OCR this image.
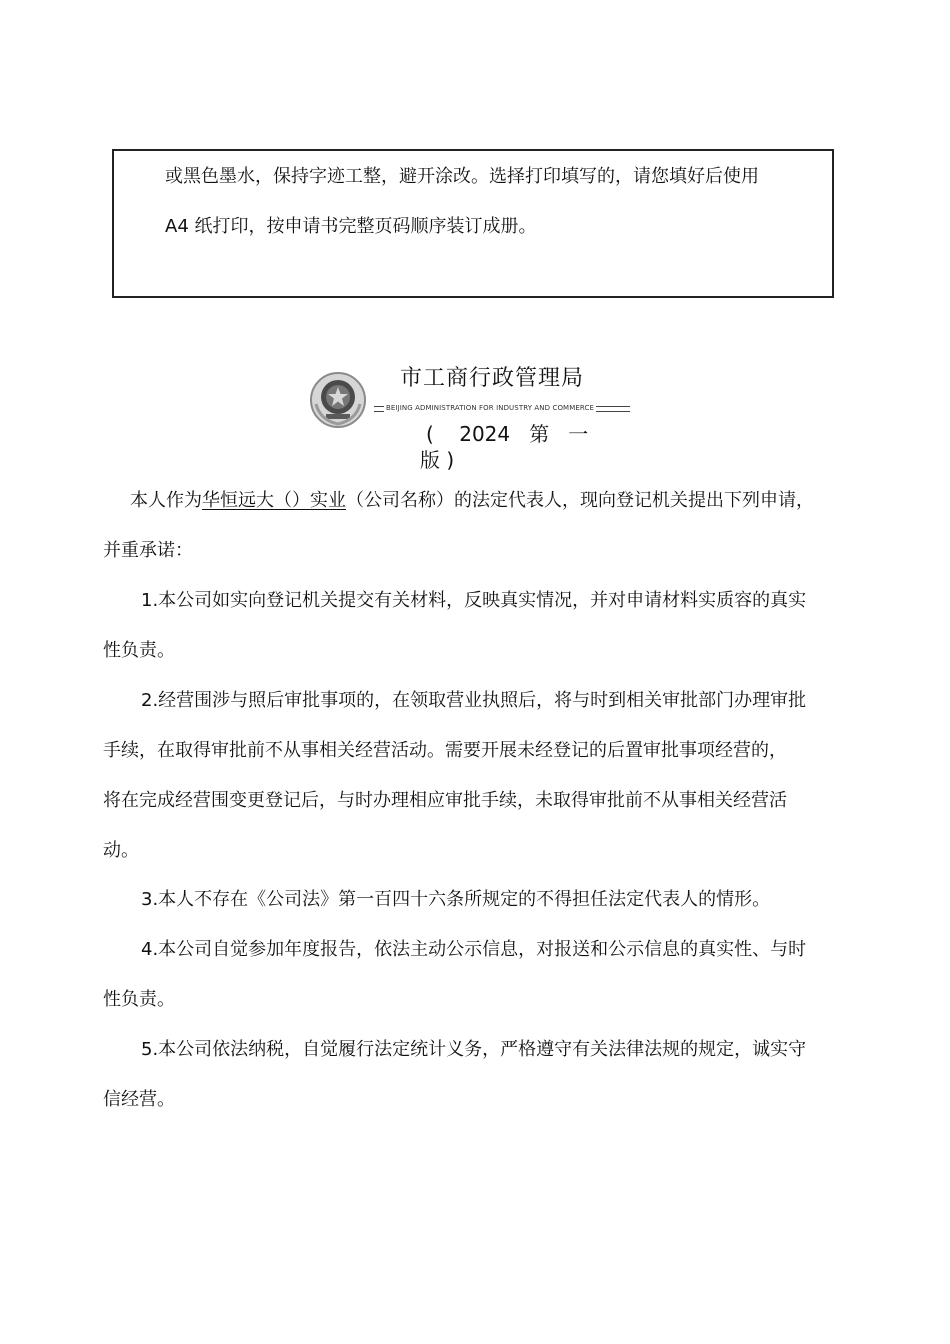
或黑色墨水，保持字迹工整，避开涂改。选择打印填写的，请您填好后使用
A4 纸打印，按申请书完整页码顺序装订成册。
市工商行政管理局
BEIJING ADMINISTRATION FOR INDUSTRY AND COMMERCE
(    2024   第   一
版 )
本人作为华恒远大（）实业（公司名称）的法定代表人，现向登记机关提出下列申请，
并重承诺：
1.本公司如实向登记机关提交有关材料，反映真实情况，并对申请材料实质容的真实
性负责。
2.经营围涉与照后审批事项的，在领取营业执照后，将与时到相关审批部门办理审批
手续，在取得审批前不从事相关经营活动。需要开展未经登记的后置审批事项经营的，
将在完成经营围变更登记后，与时办理相应审批手续，未取得审批前不从事相关经营活
动。
3.本人不存在《公司法》第一百四十六条所规定的不得担任法定代表人的情形。
4.本公司自觉参加年度报告，依法主动公示信息，对报送和公示信息的真实性、与时
性负责。
5.本公司依法纳税，自觉履行法定统计义务，严格遵守有关法律法规的规定，诚实守
信经营。
